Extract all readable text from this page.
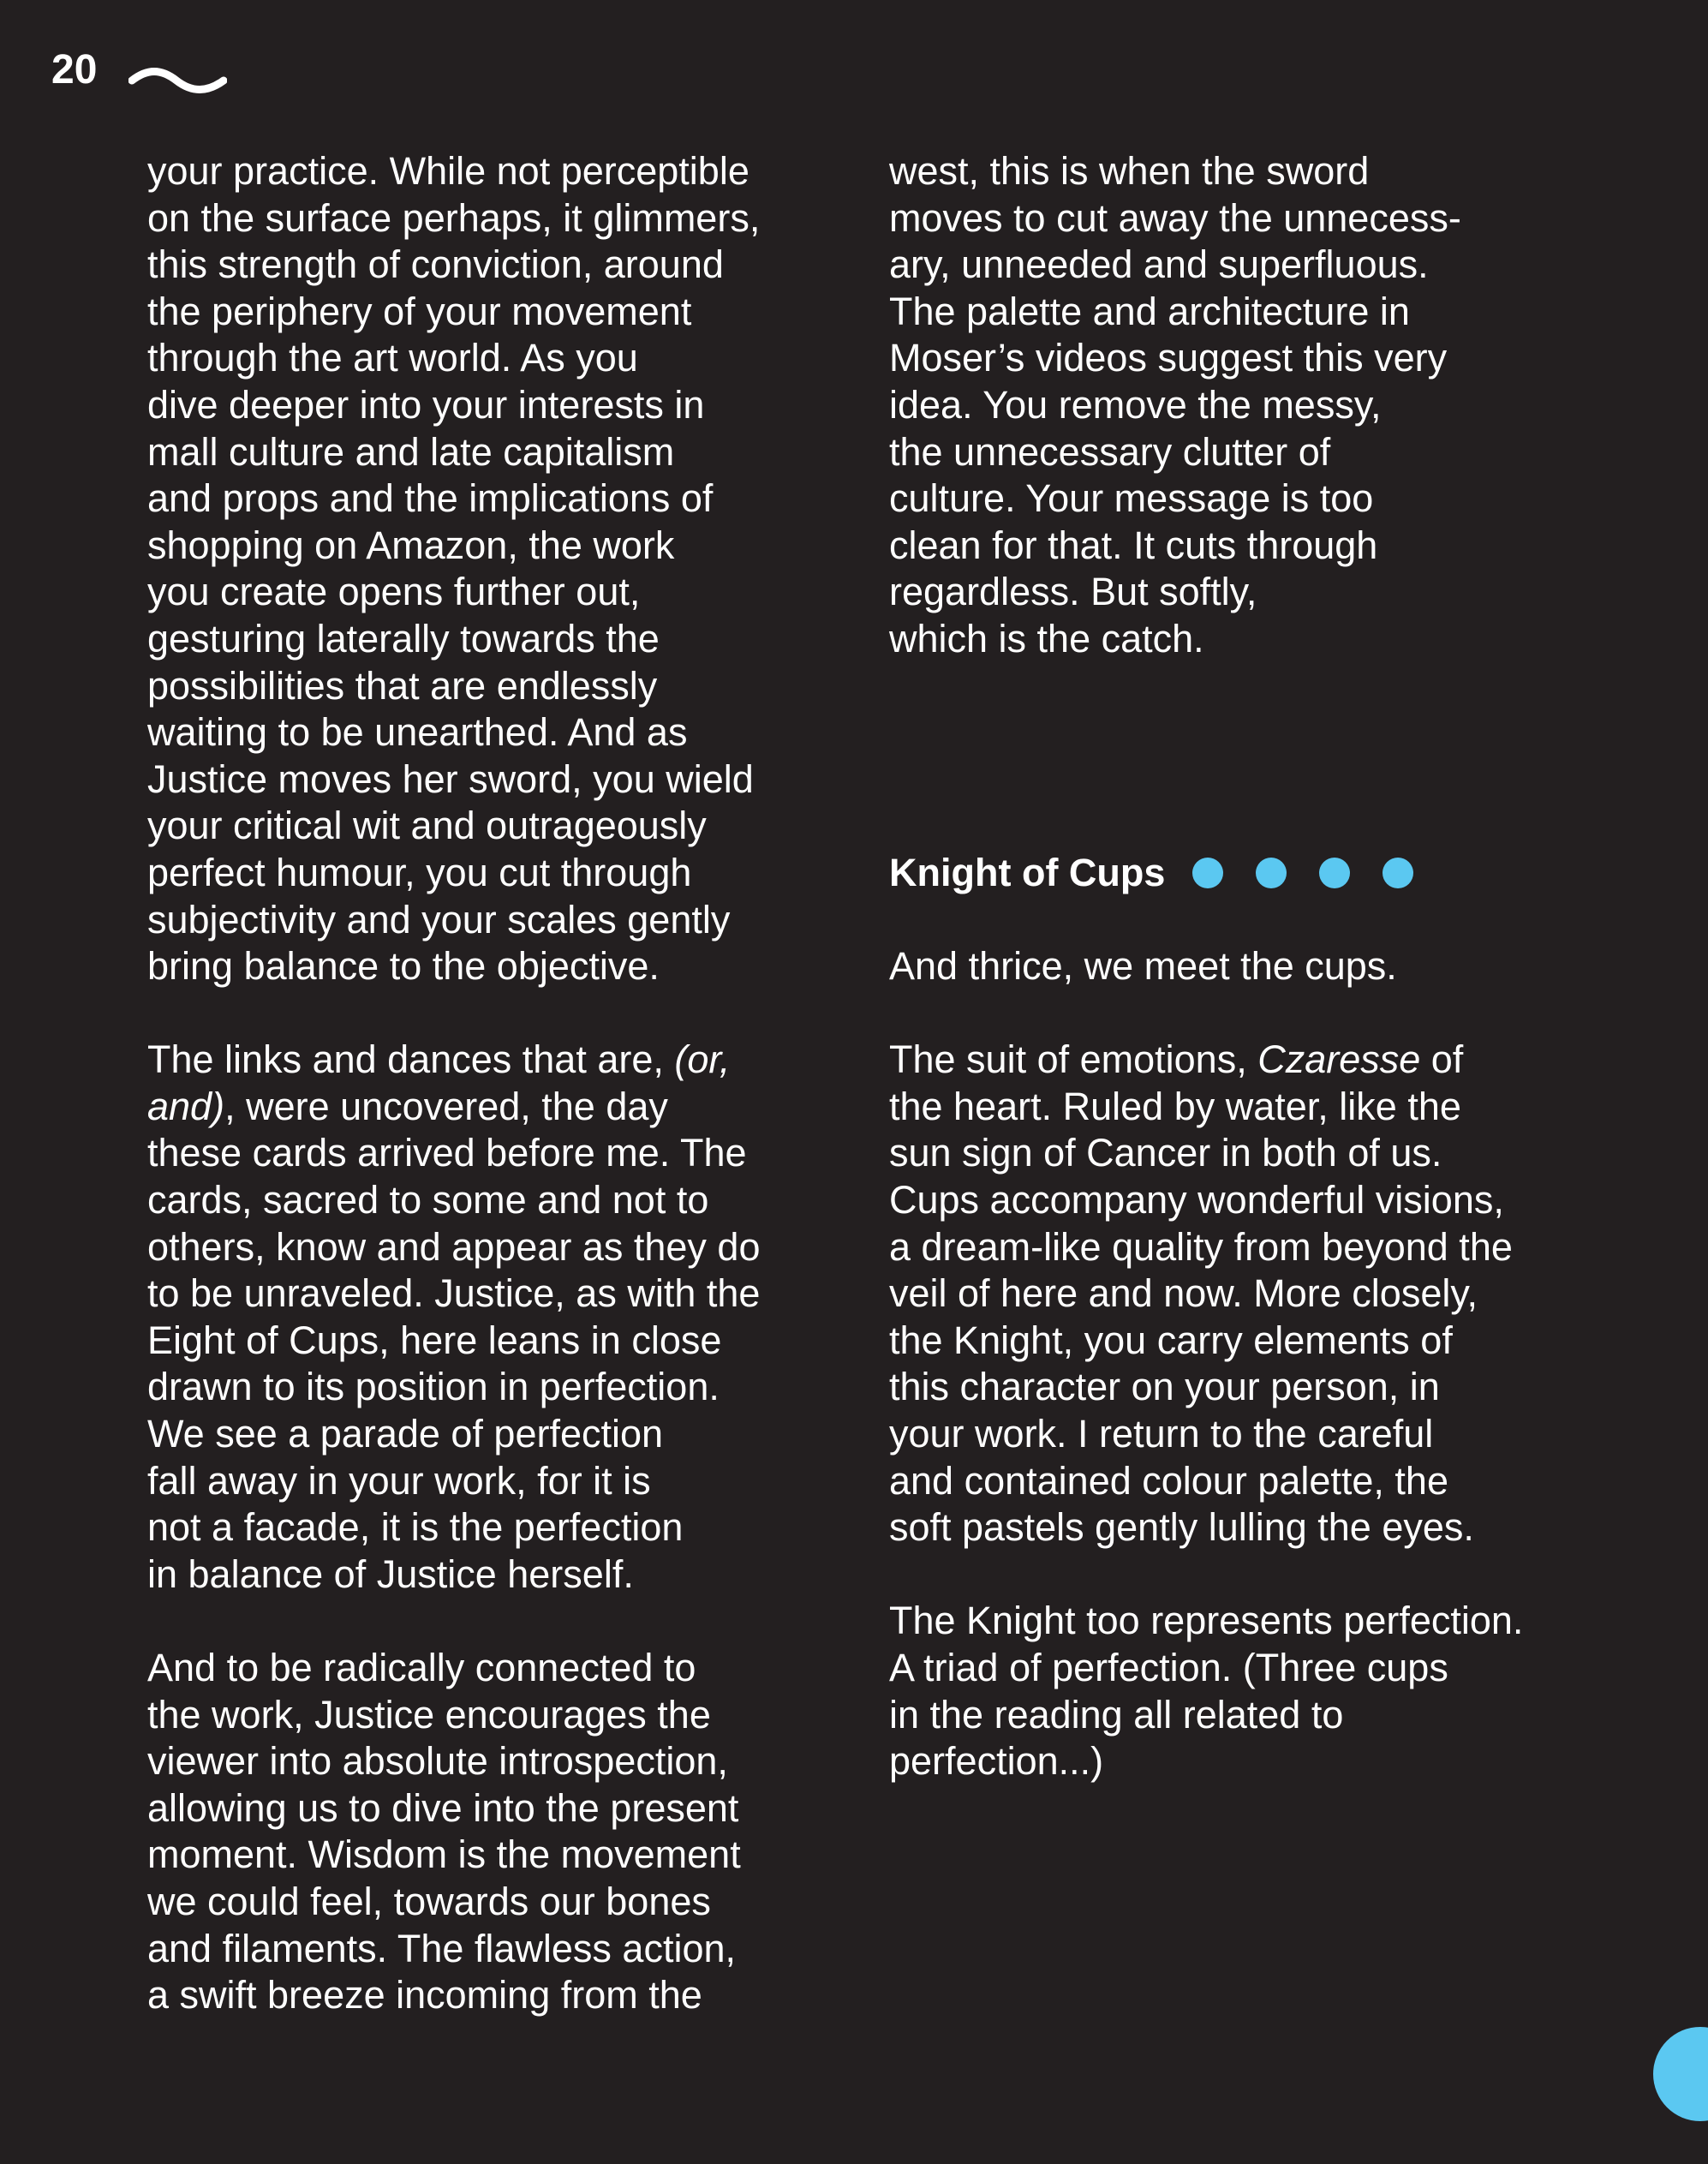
20

your practice. While not perceptible
on the surface perhaps, it glimmers,
this strength of conviction, around
the periphery of your movement
through the art world. As you
dive deeper into your interests in
mall culture and late capitalism
and props and the implications of
shopping on Amazon, the work
you create opens further out,
gesturing laterally towards the
possibilities that are endlessly
waiting to be unearthed. And as
Justice moves her sword, you wield
your critical wit and outrageously
perfect humour, you cut through
subjectivity and your scales gently
bring balance to the objective.

The links and dances that are, (or,
and), were uncovered, the day
these cards arrived before me. The
cards, sacred to some and not to
others, know and appear as they do
to be unraveled. Justice, as with the
Eight of Cups, here leans in close
drawn to its position in perfection.
We see a parade of perfection
fall away in your work, for it is
not a facade, it is the perfection
in balance of Justice herself.

And to be radically connected to
the work, Justice encourages the
viewer into absolute introspection,
allowing us to dive into the present
moment. Wisdom is the movement
we could feel, towards our bones
and filaments. The flawless action,
a swift breeze incoming from the

west, this is when the sword
moves to cut away the unnecess-
ary, unneeded and superfluous.
The palette and architecture in
Moser’s videos suggest this very
idea. You remove the messy,
the unnecessary clutter of
culture. Your message is too
clean for that. It cuts through
regardless. But softly,
which is the catch.

Knight of Cups

And thrice, we meet the cups.

The suit of emotions, Czaresse of
the heart. Ruled by water, like the
sun sign of Cancer in both of us.
Cups accompany wonderful visions,
a dream-like quality from beyond the
veil of here and now. More closely,
the Knight, you carry elements of
this character on your person, in
your work. I return to the careful
and contained colour palette, the
soft pastels gently lulling the eyes.

The Knight too represents perfection.
A triad of perfection. (Three cups
in the reading all related to
perfection...)
